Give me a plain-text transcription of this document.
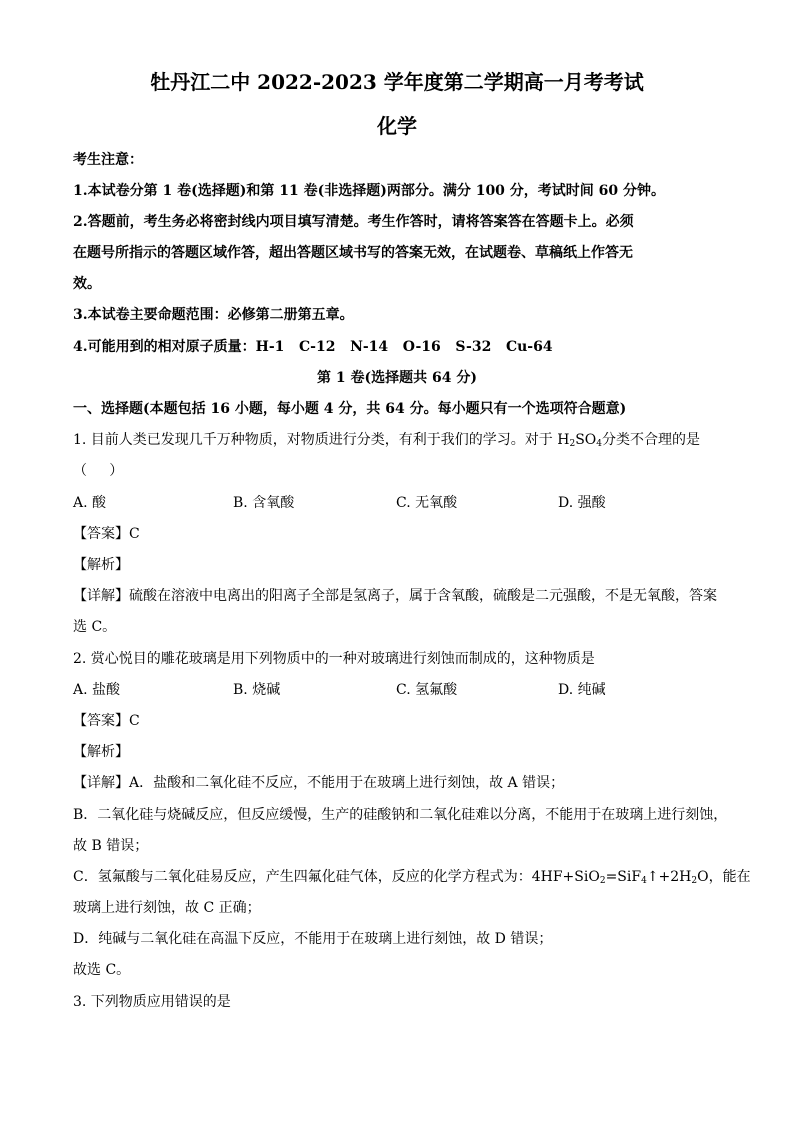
牡丹江二中 2022-2023 学年度第二学期高一月考考试
化学
考生注意：
1.本试卷分第 1 卷(选择题)和第 11 卷(非选择题)两部分。满分 100 分，考试时间 60 分钟。
2.答题前，考生务必将密封线内项目填写清楚。考生作答时，请将答案答在答题卡上。必须
在题号所指示的答题区域作答，超出答题区域书写的答案无效，在试题卷、草稿纸上作答无
效。
3.本试卷主要命题范围：必修第二册第五章。
4.可能用到的相对原子质量：H-1   C-12   N-14   O-16   S-32   Cu-64
第 1 卷(选择题共 64 分)
一、选择题(本题包括 16 小题，每小题 4 分，共 64 分。每小题只有一个选项符合题意)
1. 目前人类已发现几千万种物质，对物质进行分类，有利于我们的学习。对于 $H_2SO_4$分类不合理的是
（     ）
A. 酸	B. 含氧酸	C. 无氧酸	D. 强酸
【答案】C
【解析】
【详解】硫酸在溶液中电离出的阳离子全部是氢离子，属于含氧酸，硫酸是二元强酸，不是无氧酸，答案
选 C。
2. 赏心悦目的雕花玻璃是用下列物质中的一种对玻璃进行刻蚀而制成的，这种物质是
A. 盐酸	B. 烧碱	C. 氢氟酸	D. 纯碱
【答案】C
【解析】
【详解】A．盐酸和二氧化硅不反应，不能用于在玻璃上进行刻蚀，故 A 错误；
B．二氧化硅与烧碱反应，但反应缓慢，生产的硅酸钠和二氧化硅难以分离，不能用于在玻璃上进行刻蚀，
故 B 错误；
C．氢氟酸与二氧化硅易反应，产生四氟化硅气体，反应的化学方程式为：$4HF+SiO_2=SiF_4↑+2H_2O$，能在
玻璃上进行刻蚀，故 C 正确；
D．纯碱与二氧化硅在高温下反应，不能用于在玻璃上进行刻蚀，故 D 错误；
故选 C。
3. 下列物质应用错误的是
